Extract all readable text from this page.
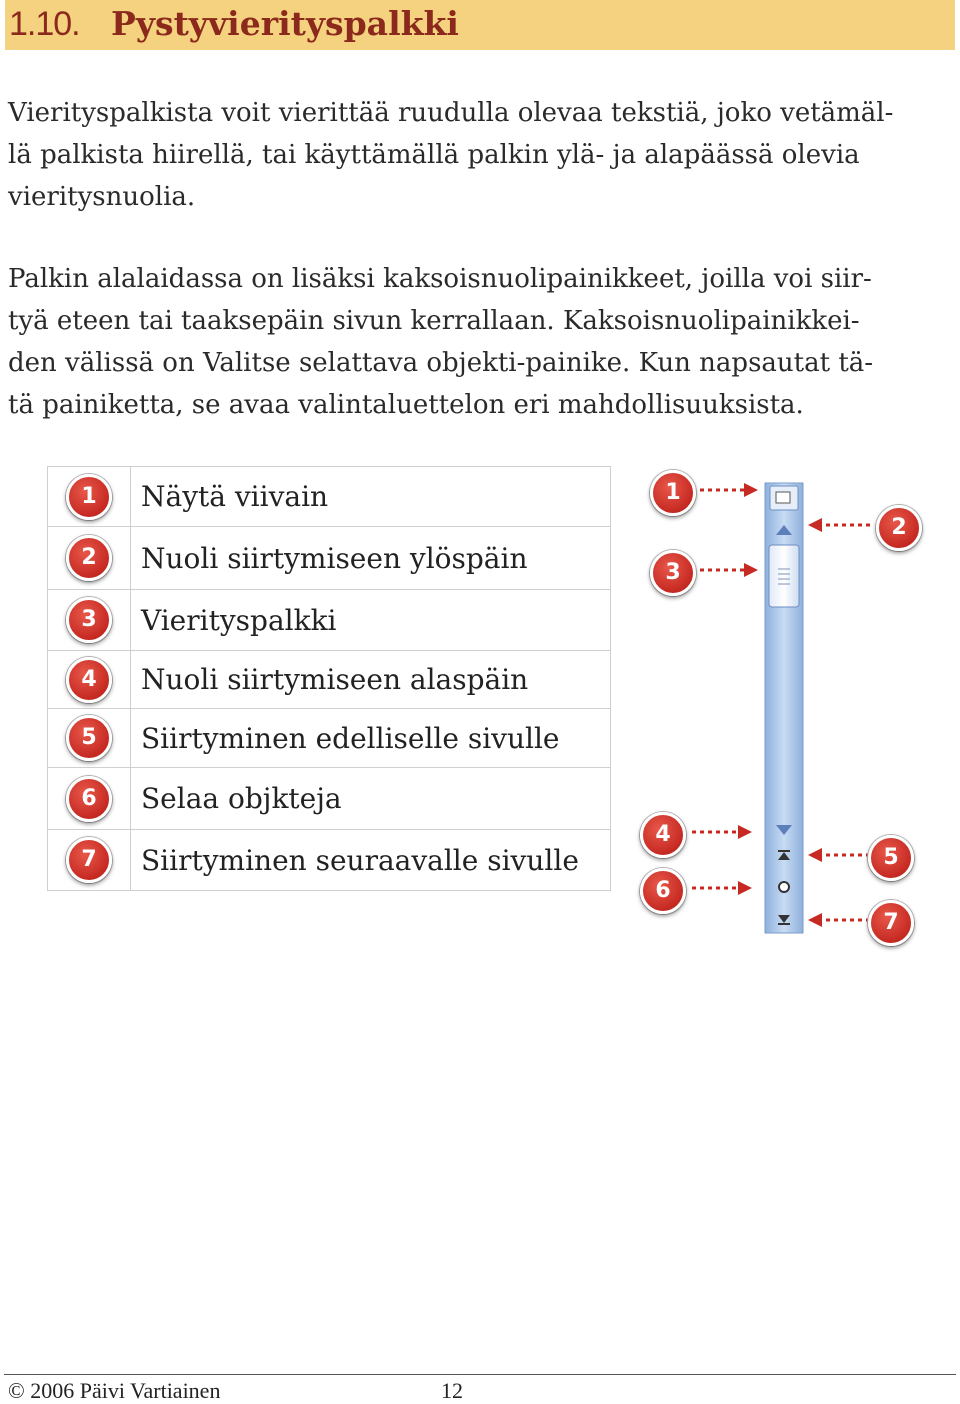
1.10. Pystyvierityspalkki

Vierityspalkista voit vierittää ruudulla olevaa tekstiä, joko vetämäl-
lä palkista hiirellä, tai käyttämällä palkin ylä- ja alapäässä olevia
vieritysnuolia.

Palkin alalaidassa on lisäksi kaksoisnuolipainikkeet, joilla voi siir-
tyä eteen tai taaksepäin sivun kerrallaan. Kaksoisnuolipainikkei-
den välissä on Valitse selattava objekti-painike. Kun napsautat tä-
tä painiketta, se avaa valintaluettelon eri mahdollisuuksista.

1	Näytä viivain
2	Nuoli siirtymiseen ylöspäin
3	Vierityspalkki
4	Nuoli siirtymiseen alaspäin
5	Siirtyminen edelliselle sivulle
6	Selaa objkteja
7	Siirtyminen seuraavalle sivulle
1
2
3
4
5
6
7
© 2006 Päivi Vartiainen	12
